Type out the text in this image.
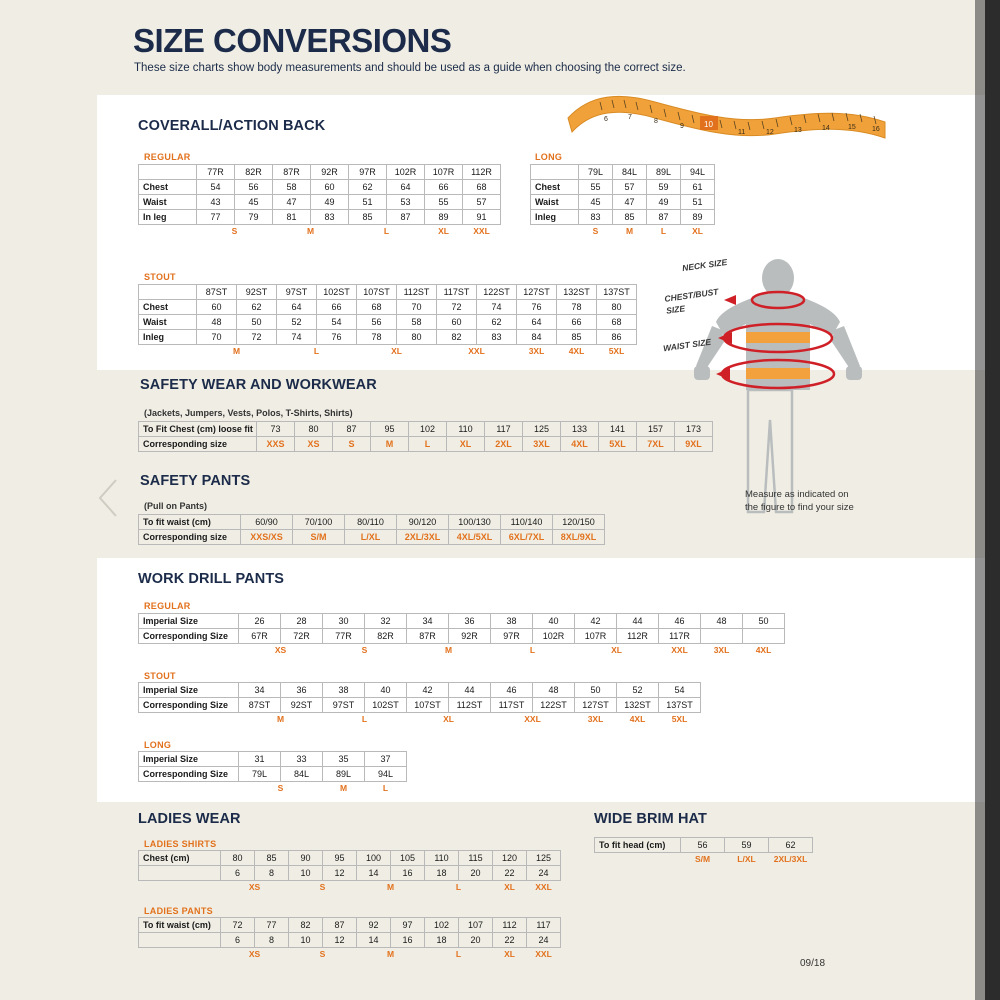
SIZE CONVERSIONS
These size charts show body measurements and should be used as a guide when choosing the correct size.
6	7
8
9
11	12	13	14	15 16
10
COVERALL/ACTION BACK
REGULAR
	77R	82R	87R	92R	97R	102R	107R	112R
Chest	54	56	58	60	62	64	66	68
Waist	43	45	47	49	51	53	55	57
In leg	77	79	81	83	85	87	89	91
	S		M		L		XL	XXL
LONG
	79L	84L	89L	94L
Chest	55	57	59	61
Waist	45	47	49	51
Inleg	83	85	87	89
	S	M	L	XL
STOUT
	87ST	92ST	97ST	102ST	107ST	112ST	117ST	122ST	127ST	132ST	137ST
Chest	60	62	64	66	68	70	72	74	76	78	80
Waist	48	50	52	54	56	58	60	62	64	66	68
Inleg	70	72	74	76	78	80	82	83	84	85	86
	M		L		XL		XXL		3XL	4XL	5XL
SAFETY WEAR AND WORKWEAR
(Jackets, Jumpers, Vests, Polos, T-Shirts, Shirts)
To Fit Chest (cm) loose fit	73	80	87	95	102	110	117	125	133	141	157	173
Corresponding size	XXS	XS	S	M	L	XL	2XL	3XL	4XL	5XL	7XL	9XL
SAFETY PANTS
(Pull on Pants)
To fit waist (cm)	60/90	70/100	80/110	90/120	100/130	110/140	120/150
Corresponding size	XXS/XS	S/M	L/XL	2XL/3XL	4XL/5XL	6XL/7XL	8XL/9XL
NECK SIZE
CHEST/BUST SIZE
WAIST SIZE
Measure as indicated on the figure to find your size
WORK DRILL PANTS
REGULAR
Imperial Size	26	28	30	32	34	36	38	40	42	44	46	48	50
Corresponding Size	67R	72R	77R	82R	87R	92R	97R	102R	107R	112R	117R		
	XS		S		M		L		XL		XXL	3XL	4XL
STOUT
Imperial Size	34	36	38	40	42	44	46	48	50	52	54
Corresponding Size	87ST	92ST	97ST	102ST	107ST	112ST	117ST	122ST	127ST	132ST	137ST
	M		L		XL		XXL		3XL	4XL	5XL
LONG
Imperial Size	31	33	35	37
Corresponding Size	79L	84L	89L	94L
	S		M	L
LADIES WEAR
LADIES SHIRTS
Chest (cm)	80	85	90	95	100	105	110	115	120	125
	6	8	10	12	14	16	18	20	22	24
	XS		S		M		L		XL	XXL
LADIES PANTS
To fit waist (cm)	72	77	82	87	92	97	102	107	112	117
	6	8	10	12	14	16	18	20	22	24
	XS		S		M		L		XL	XXL
WIDE BRIM HAT
To fit head (cm)	56	59	62
	S/M	L/XL	2XL/3XL
09/18
